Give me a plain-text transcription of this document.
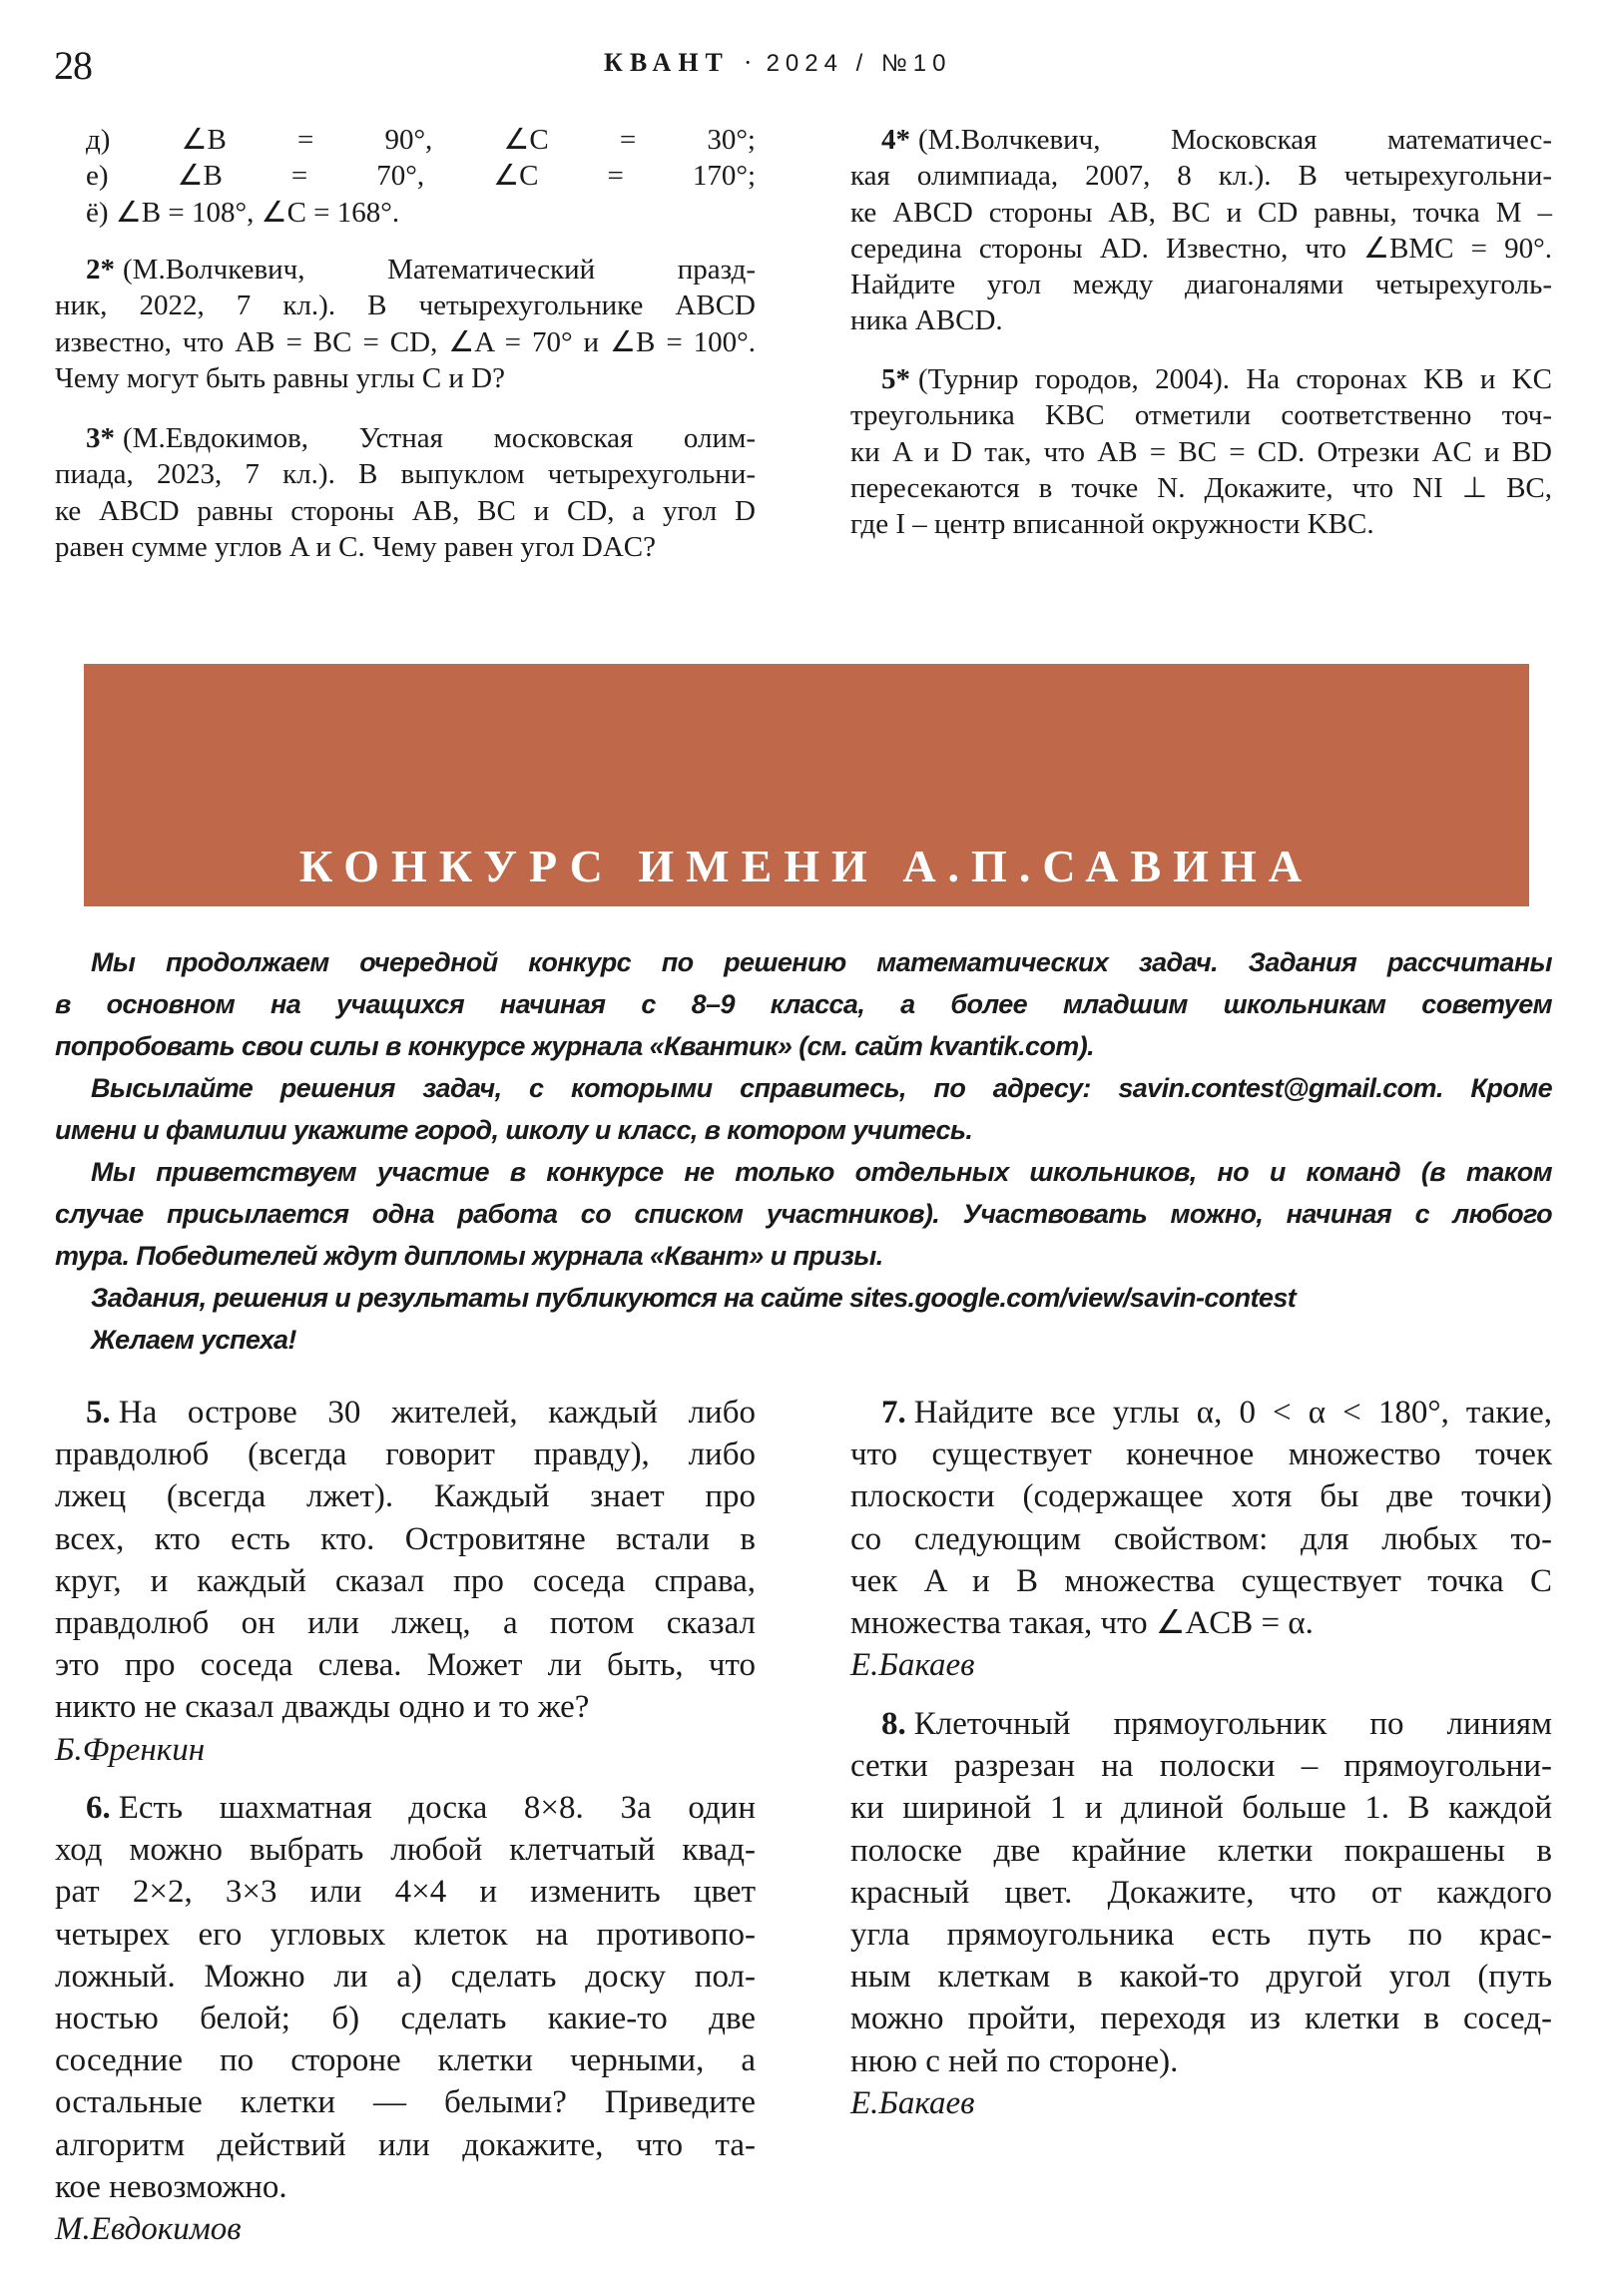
28	КВАНТ · 2024 / №10
д) ∠B = 90°, ∠C = 30°;
е) ∠B = 70°, ∠C = 170°;
ё) ∠B = 108°, ∠C = 168°.
2* (М.Волчкевич, Математический празд-
ник, 2022, 7 кл.). В четырехугольнике ABCD
известно, что AB = BC = CD, ∠A = 70° и ∠B = 100°.
Чему могут быть равны углы C и D?
3* (М.Евдокимов, Устная московская олим-
пиада, 2023, 7 кл.). В выпуклом четырехугольни-
ке ABCD равны стороны AB, BC и CD, а угол D
равен сумме углов A и C. Чему равен угол DAC?
4* (М.Волчкевич, Московская математичес-
кая олимпиада, 2007, 8 кл.). В четырехугольни-
ке ABCD стороны AB, BC и CD равны, точка M –
середина стороны AD. Известно, что ∠BMC = 90°.
Найдите угол между диагоналями четырехуголь-
ника ABCD.
5* (Турнир городов, 2004). На сторонах KB и KC
треугольника KBC отметили соответственно точ-
ки A и D так, что AB = BC = CD. Отрезки AC и BD
пересекаются в точке N. Докажите, что NI ⊥ BC,
где I – центр вписанной окружности KBC.
КОНКУРС ИМЕНИ А.П.САВИНА
Мы продолжаем очередной конкурс по решению математических задач. Задания рассчитаны
в основном на учащихся начиная с 8–9 класса, а более младшим школьникам советуем
попробовать свои силы в конкурсе журнала «Квантик» (см. сайт kvantik.com).
Высылайте решения задач, с которыми справитесь, по адресу: savin.contest@gmail.com. Кроме
имени и фамилии укажите город, школу и класс, в котором учитесь.
Мы приветствуем участие в конкурсе не только отдельных школьников, но и команд (в таком
случае присылается одна работа со списком участников). Участвовать можно, начиная с любого
тура. Победителей ждут дипломы журнала «Квант» и призы.
Задания, решения и результаты публикуются на сайте sites.google.com/view/savin-contest
Желаем успеха!
5. На острове 30 жителей, каждый либо
правдолюб (всегда говорит правду), либо
лжец (всегда лжет). Каждый знает про
всех, кто есть кто. Островитяне встали в
круг, и каждый сказал про соседа справа,
правдолюб он или лжец, а потом сказал
это про соседа слева. Может ли быть, что
никто не сказал дважды одно и то же?
Б.Френкин
6. Есть шахматная доска 8×8. За один
ход можно выбрать любой клетчатый квад-
рат 2×2, 3×3 или 4×4 и изменить цвет
четырех его угловых клеток на противопо-
ложный. Можно ли а) сделать доску пол-
ностью белой; б) сделать какие-то две
соседние по стороне клетки черными, а
остальные клетки — белыми? Приведите
алгоритм действий или докажите, что та-
кое невозможно.
М.Евдокимов
7. Найдите все углы α, 0 < α < 180°, такие,
что существует конечное множество точек
плоскости (содержащее хотя бы две точки)
со следующим свойством: для любых то-
чек A и B множества существует точка C
множества такая, что ∠ACB = α.
Е.Бакаев
8. Клеточный прямоугольник по линиям
сетки разрезан на полоски – прямоугольни-
ки шириной 1 и длиной больше 1. В каждой
полоске две крайние клетки покрашены в
красный цвет. Докажите, что от каждого
угла прямоугольника есть путь по крас-
ным клеткам в какой-то другой угол (путь
можно пройти, переходя из клетки в сосед-
нюю с ней по стороне).
Е.Бакаев
